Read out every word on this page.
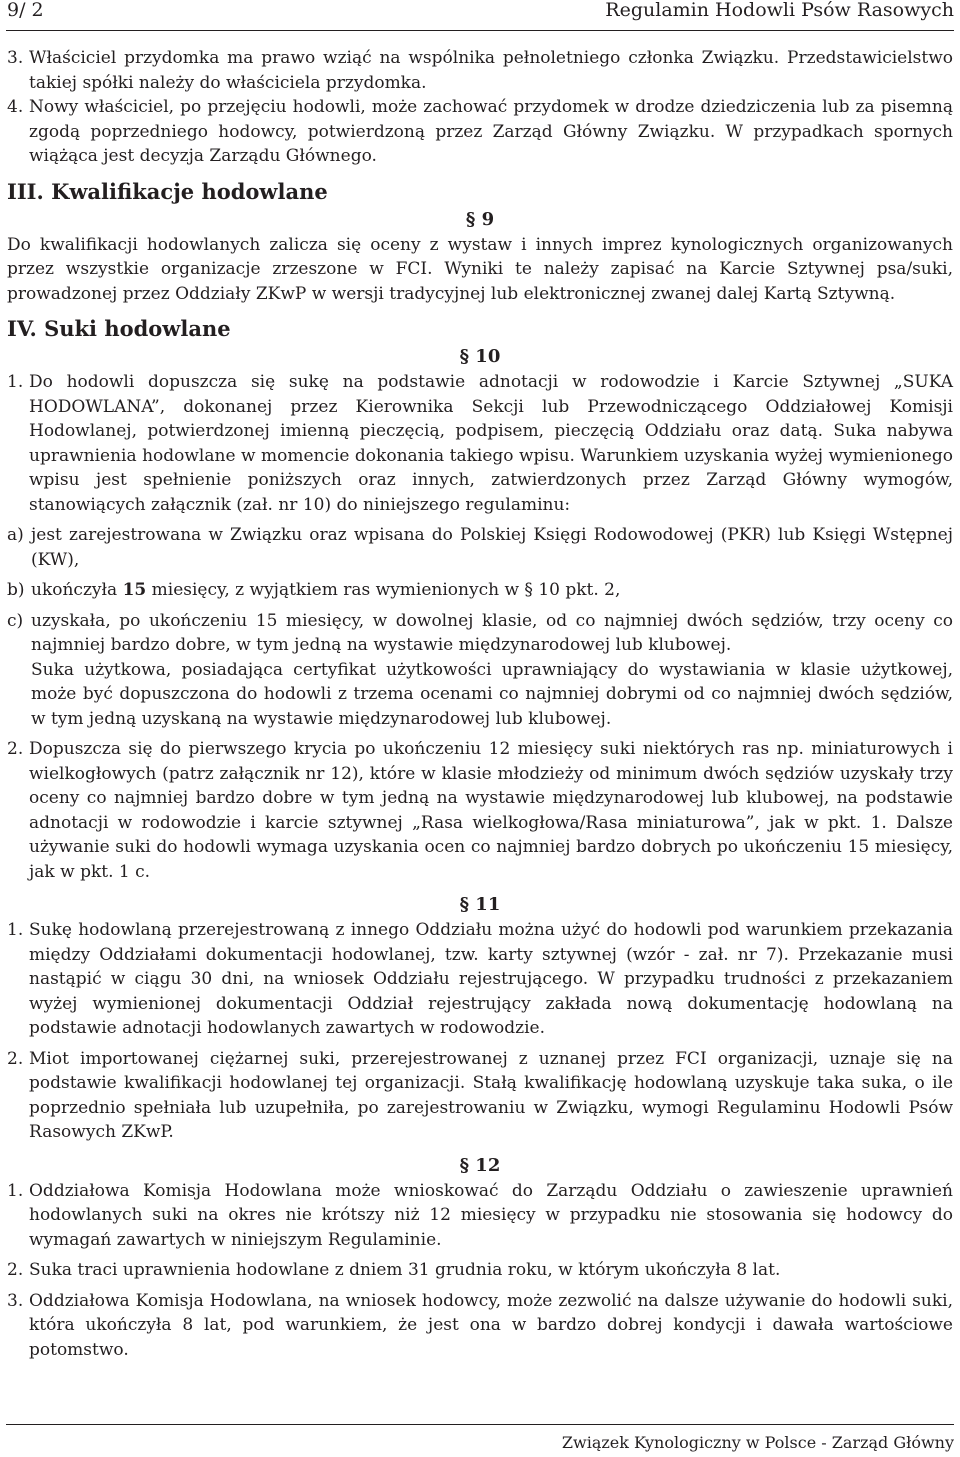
9/ 2	Regulamin Hodowli Psów Rasowych
3. Właściciel przydomka ma prawo wziąć na wspólnika pełnoletniego członka Związku. Przedstawicielstwo takiej spółki należy do właściciela przydomka.
4. Nowy właściciel, po przejęciu hodowli, może zachować przydomek w drodze dziedziczenia lub za pisemną zgodą poprzedniego hodowcy, potwierdzoną przez Zarząd Główny Związku. W przypadkach spornych wiążąca jest decyzja Zarządu Głównego.
III. Kwalifikacje hodowlane
§ 9

Do kwalifikacji hodowlanych zalicza się oceny z wystaw i innych imprez kynologicznych organizowanych przez wszystkie organizacje zrzeszone w FCI. Wyniki te należy zapisać na Karcie Sztywnej psa/suki, prowadzonej przez Oddziały ZKwP w wersji tradycyjnej lub elektronicznej zwanej dalej Kartą Sztywną.

IV. Suki hodowlane
§ 10
1. Do hodowli dopuszcza się sukę na podstawie adnotacji w rodowodzie i Karcie Sztywnej „SUKA HODOWLANA”, dokonanej przez Kierownika Sekcji lub Przewodniczącego Oddziałowej Komisji Hodowlanej, potwierdzonej imienną pieczęcią, podpisem, pieczęcią Oddziału oraz datą. Suka nabywa uprawnienia hodowlane w momencie dokonania takiego wpisu. Warunkiem uzyskania wyżej wymienionego wpisu jest spełnienie poniższych oraz innych, zatwierdzonych przez Zarząd Główny wymogów, stanowiących załącznik (zał. nr 10) do niniejszego regulaminu:
a) jest zarejestrowana w Związku oraz wpisana do Polskiej Księgi Rodowodowej (PKR) lub Księgi Wstępnej (KW),
b) ukończyła 15 miesięcy, z wyjątkiem ras wymienionych w § 10 pkt. 2,
c) uzyskała, po ukończeniu 15 miesięcy, w dowolnej klasie, od co najmniej dwóch sędziów, trzy oceny co najmniej bardzo dobre, w tym jedną na wystawie międzynarodowej lub klubowej.

Suka użytkowa, posiadająca certyfikat użytkowości uprawniający do wystawiania w klasie użytkowej, może być dopuszczona do hodowli z trzema ocenami co najmniej dobrymi od co najmniej dwóch sędziów, w tym jedną uzyskaną na wystawie międzynarodowej lub klubowej.

2. Dopuszcza się do pierwszego krycia po ukończeniu 12 miesięcy suki niektórych ras np. miniaturowych i wielkogłowych (patrz załącznik nr 12), które w klasie młodzieży od minimum dwóch sędziów uzyskały trzy oceny co najmniej bardzo dobre w tym jedną na wystawie międzynarodowej lub klubowej, na podstawie adnotacji w rodowodzie i karcie sztywnej „Rasa wielkogłowa/Rasa miniaturowa”, jak w pkt. 1. Dalsze używanie suki do hodowli wymaga uzyskania ocen co najmniej bardzo dobrych po ukończeniu 15 miesięcy, jak w pkt. 1 c.
§ 11
1. Sukę hodowlaną przerejestrowaną z innego Oddziału można użyć do hodowli pod warunkiem przekazania między Oddziałami dokumentacji hodowlanej, tzw. karty sztywnej (wzór - zał. nr 7). Przekazanie musi nastąpić w ciągu 30 dni, na wniosek Oddziału rejestrującego. W przypadku trudności z przekazaniem wyżej wymienionej dokumentacji Oddział rejestrujący zakłada nową dokumentację hodowlaną na podstawie adnotacji hodowlanych zawartych w rodowodzie.
2. Miot importowanej ciężarnej suki, przerejestrowanej z uznanej przez FCI organizacji, uznaje się na podstawie kwalifikacji hodowlanej tej organizacji. Stałą kwalifikację hodowlaną uzyskuje taka suka, o ile poprzednio spełniała lub uzupełniła, po zarejestrowaniu w Związku, wymogi Regulaminu Hodowli Psów Rasowych ZKwP.
§ 12
1. Oddziałowa Komisja Hodowlana może wnioskować do Zarządu Oddziału o zawieszenie uprawnień hodowlanych suki na okres nie krótszy niż 12 miesięcy w przypadku nie stosowania się hodowcy do wymagań zawartych w niniejszym Regulaminie.
2. Suka traci uprawnienia hodowlane z dniem 31 grudnia roku, w którym ukończyła 8 lat.
3. Oddziałowa Komisja Hodowlana, na wniosek hodowcy, może zezwolić na dalsze używanie do hodowli suki, która ukończyła 8 lat, pod warunkiem, że jest ona w bardzo dobrej kondycji i dawała wartościowe potomstwo.
Związek Kynologiczny w Polsce - Zarząd Główny
